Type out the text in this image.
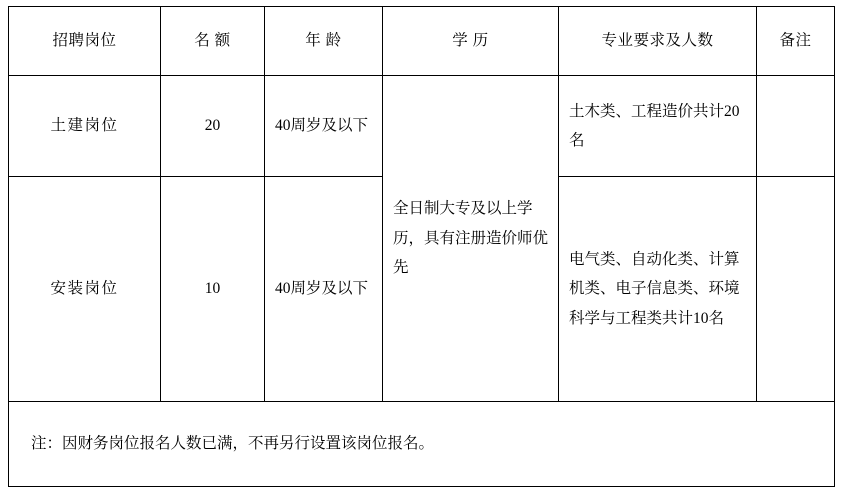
招聘岗位	名 额	年 龄	学 历	专业要求及人数	备注
土建岗位	20	40周岁及以下	全日制大专及以上学历，具有注册造价师优先	土木类、工程造价共计20名	
安装岗位	10	40周岁及以下		电气类、自动化类、计算机类、电子信息类、环境科学与工程类共计10名	
注：因财务岗位报名人数已满，不再另行设置该岗位报名。					
